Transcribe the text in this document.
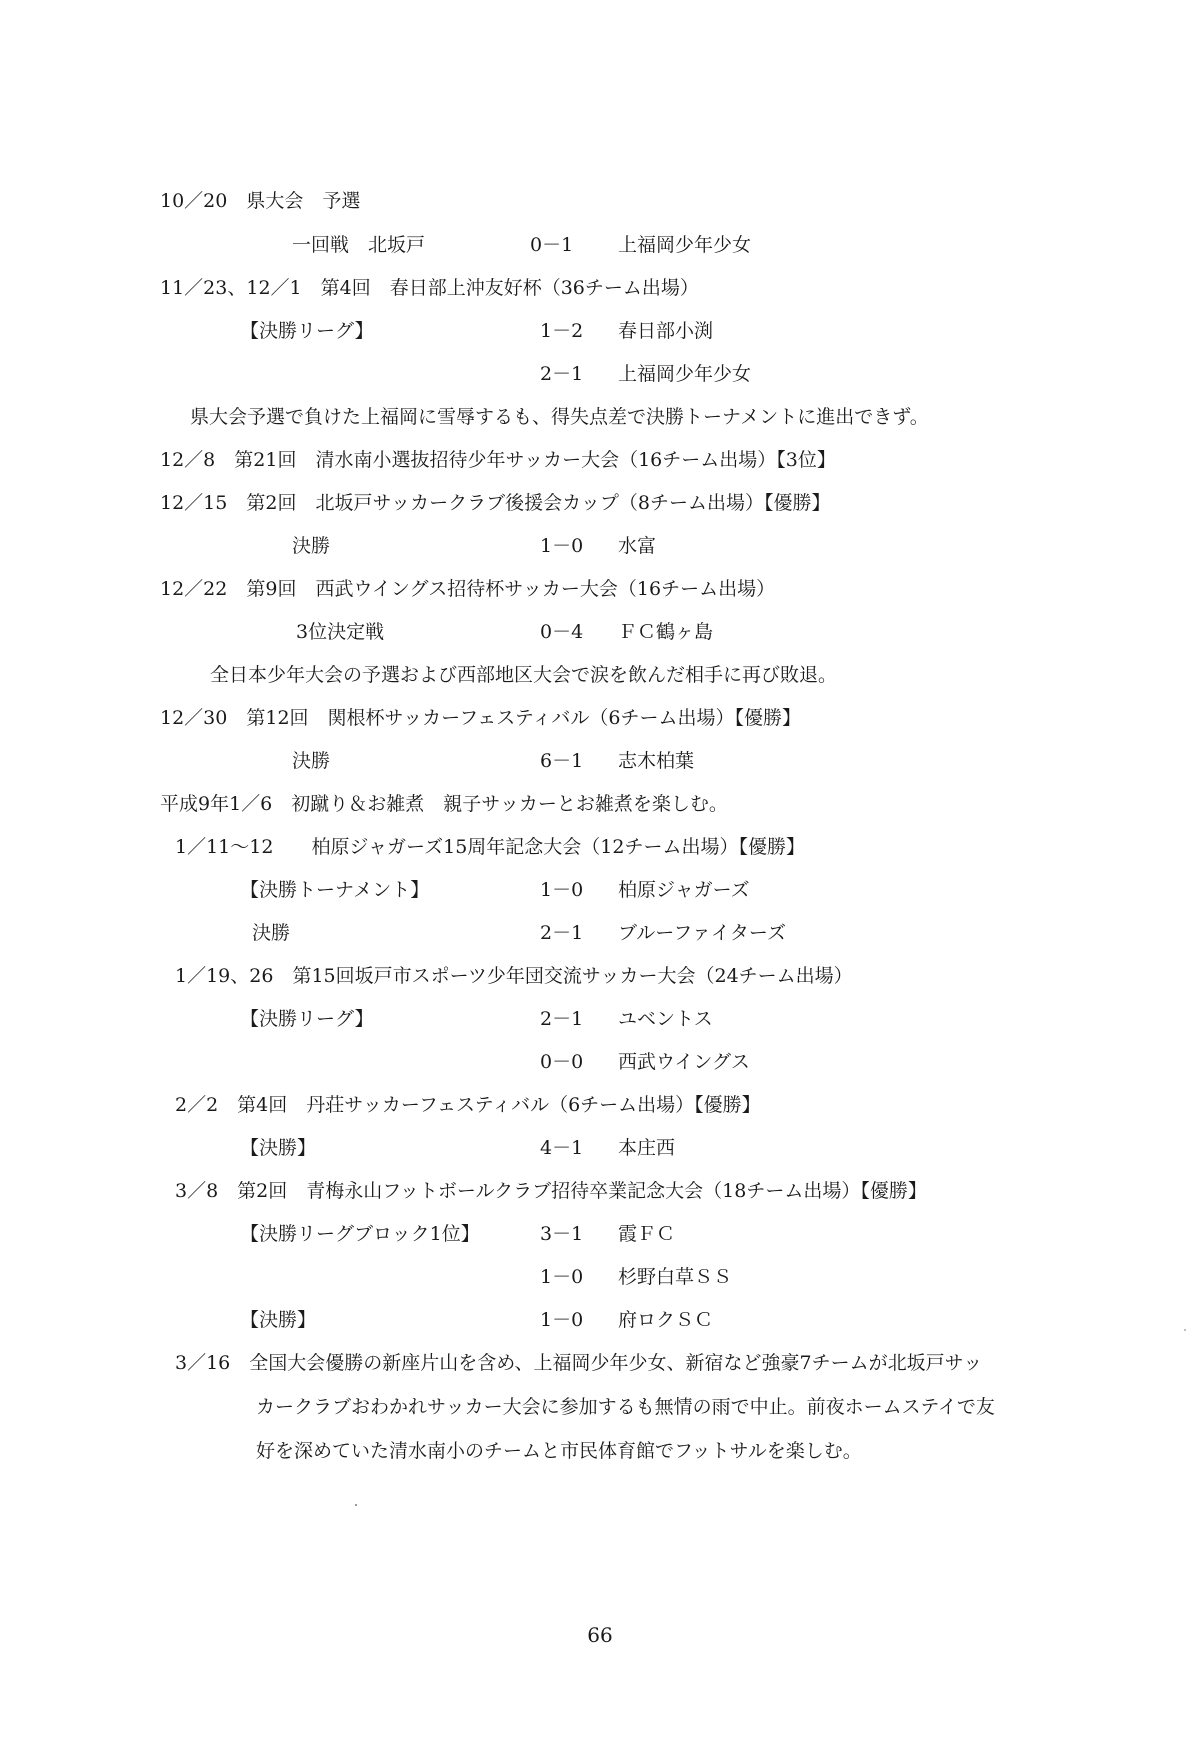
10／20　県大会　予選
一回戦　北坂戸	0－1 上福岡少年少女
11／23、12／1　第4回　春日部上沖友好杯（36チーム出場）
【決勝リーグ】	1－2 春日部小渕
2－1 上福岡少年少女
県大会予選で負けた上福岡に雪辱するも、得失点差で決勝トーナメントに進出できず。
12／8　第21回　清水南小選抜招待少年サッカー大会（16チーム出場）【3位】
12／15　第2回　北坂戸サッカークラブ後援会カップ（8チーム出場）【優勝】
決勝	1－0 水富
12／22　第9回　西武ウイングス招待杯サッカー大会（16チーム出場）
3位決定戦	0－4 ＦＣ鶴ヶ島
全日本少年大会の予選および西部地区大会で涙を飲んだ相手に再び敗退。
12／30　第12回　関根杯サッカーフェスティバル（6チーム出場）【優勝】
決勝	6－1 志木柏葉
平成9年1／6　初蹴り＆お雑煮　親子サッカーとお雑煮を楽しむ。
1／11～12　　柏原ジャガーズ15周年記念大会（12チーム出場）【優勝】
【決勝トーナメント】	1－0 柏原ジャガーズ
決勝	2－1 ブルーファイターズ
1／19、26　第15回坂戸市スポーツ少年団交流サッカー大会（24チーム出場）
【決勝リーグ】	2－1 ユベントス
0－0 西武ウイングス
2／2　第4回　丹荘サッカーフェスティバル（6チーム出場）【優勝】
【決勝】	4－1 本庄西
3／8　第2回　青梅永山フットボールクラブ招待卒業記念大会（18チーム出場）【優勝】
【決勝リーグブロック1位】	3－1 霞ＦＣ
1－0 杉野白草ＳＳ
【決勝】	1－0 府ロクＳＣ
3／16　全国大会優勝の新座片山を含め、上福岡少年少女、新宿など強豪7チームが北坂戸サッ
カークラブおわかれサッカー大会に参加するも無情の雨で中止。前夜ホームステイで友
好を深めていた清水南小のチームと市民体育館でフットサルを楽しむ。
66
